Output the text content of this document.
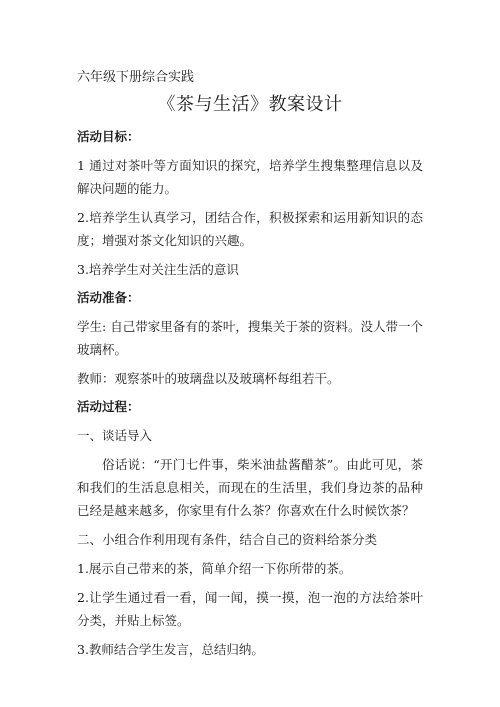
六年级下册综合实践
《茶与生活》教案设计
活动目标：

1 通过对茶叶等方面知识的探究，培养学生搜集整理信息以及解决问题的能力。

2.培养学生认真学习，团结合作，积极探索和运用新知识的态度；增强对茶文化知识的兴趣。

3.培养学生对关注生活的意识

活动准备：

学生: 自己带家里备有的茶叶，搜集关于茶的资料。没人带一个玻璃杯。

教师：观察茶叶的玻璃盘以及玻璃杯每组若干。

活动过程：

一、谈话导入

俗话说：“开门七件事，柴米油盐酱醋茶”。由此可见，茶和我们的生活息息相关，而现在的生活里，我们身边茶的品种已经是越来越多，你家里有什么茶？你喜欢在什么时候饮茶？

二、小组合作利用现有条件，结合自己的资料给茶分类

1.展示自己带来的茶，简单介绍一下你所带的茶。

2.让学生通过看一看，闻一闻，摸一摸，泡一泡的方法给茶叶分类，并贴上标签。

3.教师结合学生发言，总结归纳。
